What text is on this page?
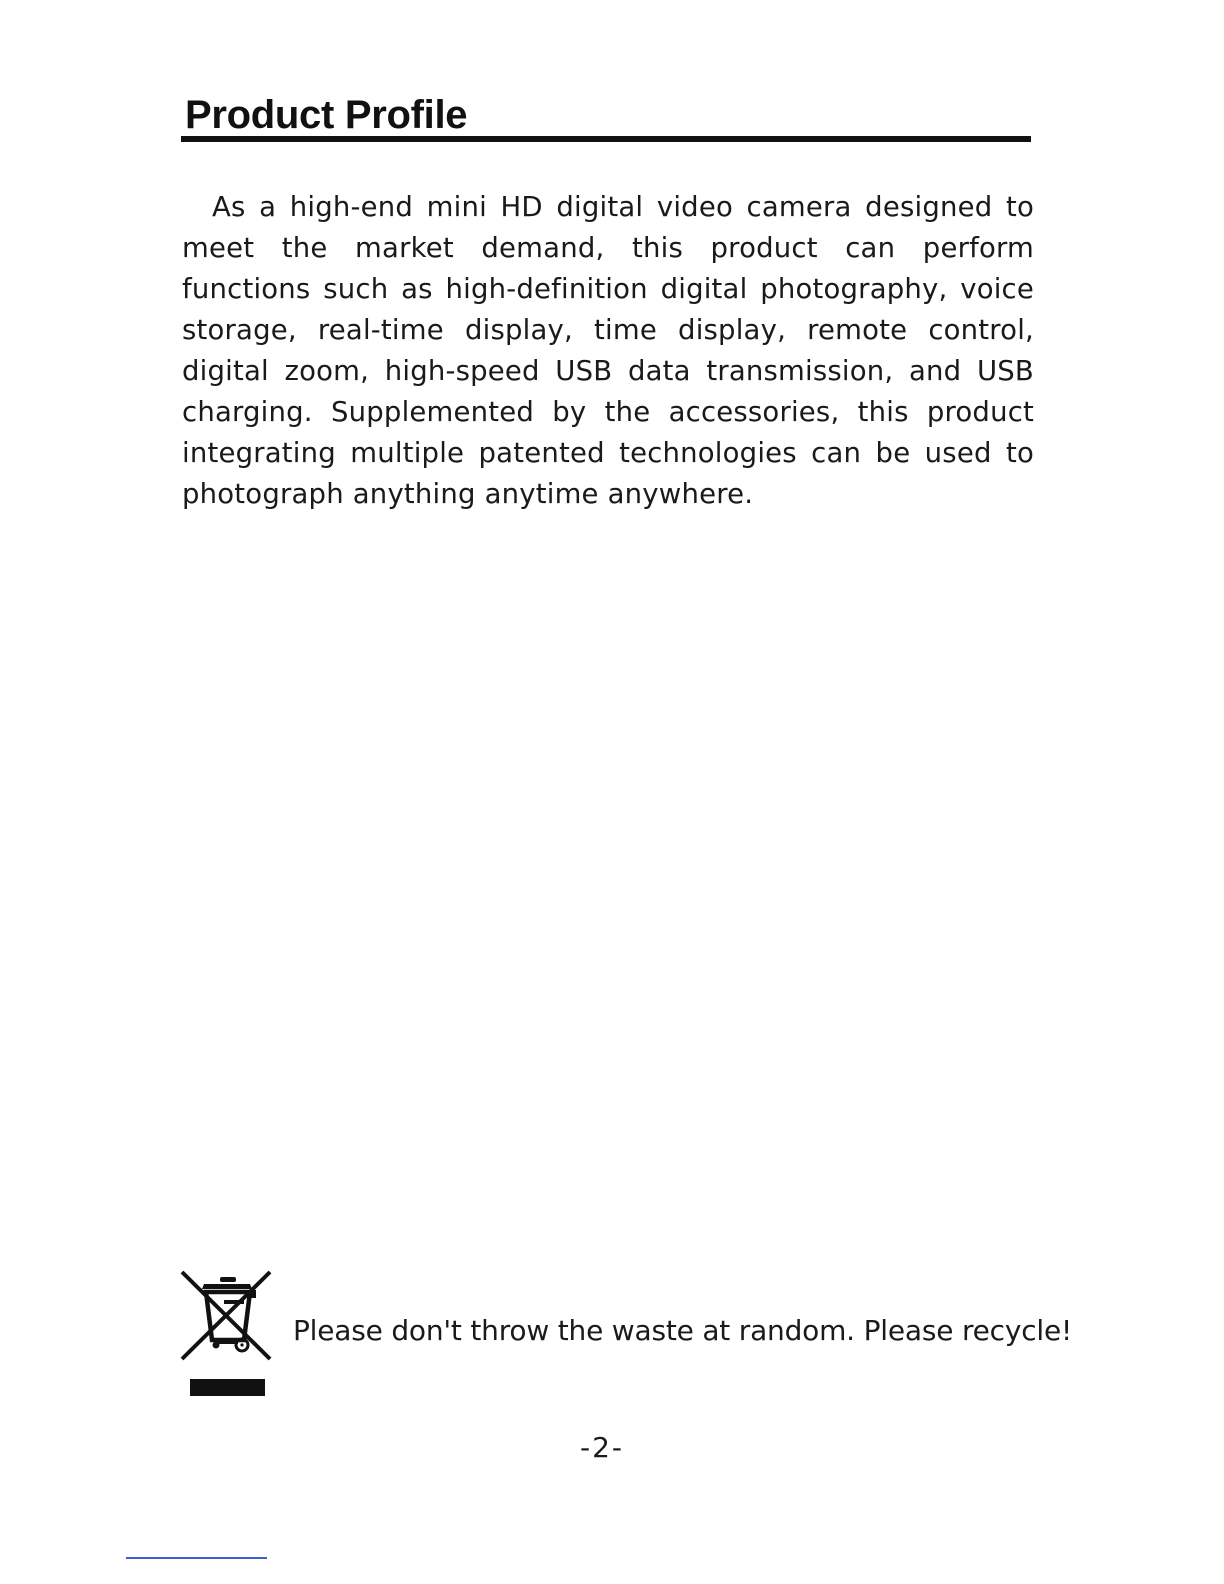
Product Profile

As a high-end mini HD digital video camera designed to meet the market demand, this product can perform functions such as high-definition digital photography, voice storage, real-time display, time display, remote control, digital zoom, high-speed USB data transmission, and USB charging. Supplemented by the accessories, this product integrating multiple patented technologies can be used to photograph anything anytime anywhere.

Please don't throw the waste at random. Please recycle!
-2-
